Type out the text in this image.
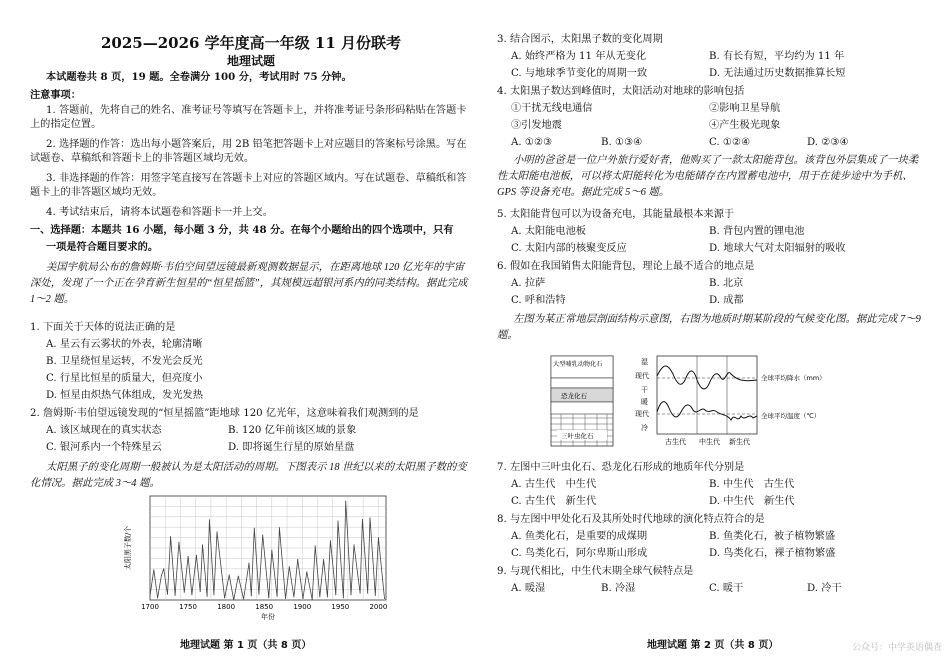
2025—2026 学年度高一年级 11 月份联考
地理试题
本试题卷共 8 页，19 题。全卷满分 100 分，考试用时 75 分钟。
注意事项：
1. 答题前，先将自己的姓名、准考证号等填写在答题卡上，并将准考证号条形码粘贴在答题卡上的指定位置。
2. 选择题的作答：选出每小题答案后，用 2B 铅笔把答题卡上对应题目的答案标号涂黑。写在试题卷、草稿纸和答题卡上的非答题区域均无效。
3. 非选择题的作答：用签字笔直接写在答题卡上对应的答题区域内。写在试题卷、草稿纸和答题卡上的非答题区域均无效。
4. 考试结束后，请将本试题卷和答题卡一并上交。
一、选择题：本题共 16 小题，每小题 3 分，共 48 分。在每个小题给出的四个选项中，只有
一项是符合题目要求的。
美国宇航局公布的詹姆斯·韦伯空间望远镜最新观测数据显示，在距离地球 120 亿光年的宇宙深处，发现了一个正在孕育新生恒星的“恒星摇篮”，其规模远超银河系内的同类结构。据此完成 1～2 题。
1. 下面关于天体的说法正确的是
A. 星云有云雾状的外表，轮廓清晰
B. 卫星绕恒星运转，不发光会反光
C. 行星比恒星的质量大，但亮度小
D. 恒星由炽热气体组成，发光发热
2. 詹姆斯·韦伯望远镜发现的“恒星摇篮”距地球 120 亿光年，这意味着我们观测到的是
A. 该区域现在的真实状态	B. 120 亿年前该区域的景象
C. 银河系内一个特殊星云	D. 即将诞生行星的原始星盘
太阳黑子的变化周期一般被认为是太阳活动的周期。下图表示 18 世纪以来的太阳黑子数的变化情况。据此完成 3～4 题。
1700	1750	1800	1850	1900	1950	2000
年份
太阳黑子数/个
地理试题 第 1 页（共 8 页）
3. 结合图示，太阳黑子数的变化周期
A. 始终严格为 11 年从无变化	B. 有长有短，平均约为 11 年
C. 与地球季节变化的周期一致	D. 无法通过历史数据推算长短
4. 太阳黑子数达到峰值时，太阳活动对地球的影响包括
①干扰无线电通信	②影响卫星导航
③引发地震	④产生极光现象
A. ①②③	B. ①③④	C. ①②④	D. ②③④
小明的爸爸是一位户外旅行爱好者，他购买了一款太阳能背包。该背包外层集成了一块柔性太阳能电池板，可以将太阳能转化为电能储存在内置蓄电池中，用于在徒步途中为手机、GPS 等设备充电。据此完成 5～6 题。
5. 太阳能背包可以为设备充电，其能量最根本来源于
A. 太阳能电池板	B. 背包内置的锂电池
C. 太阳内部的核聚变反应	D. 地球大气对太阳辐射的吸收
6. 假如在我国销售太阳能背包，理论上最不适合的地点是
A. 拉萨	B. 北京
C. 呼和浩特	D. 成都
左图为某正常地层剖面结构示意图，右图为地质时期某阶段的气候变化图。据此完成 7～9 题。
大型哺乳动物化石
恐龙化石
三叶虫化石
湿
现代
干
暖
现代
冷
全球平均降水（mm）
全球平均温度（℃）
古生代 中生代 新生代
7. 左图中三叶虫化石、恐龙化石形成的地质年代分别是
A. 古生代　中生代	B. 中生代　古生代
C. 古生代　新生代	D. 中生代　新生代
8. 与左图中甲处化石及其所处时代地球的演化特点符合的是
A. 鱼类化石，是重要的成煤期	B. 鱼类化石，被子植物繁盛
C. 鸟类化石，阿尔卑斯山形成	D. 鸟类化石，裸子植物繁盛
9. 与现代相比，中生代末期全球气候特点是
A. 暖湿	B. 冷湿	C. 暖干	D. 冷干
地理试题 第 2 页（共 8 页）	公众号：中学英语偶查
